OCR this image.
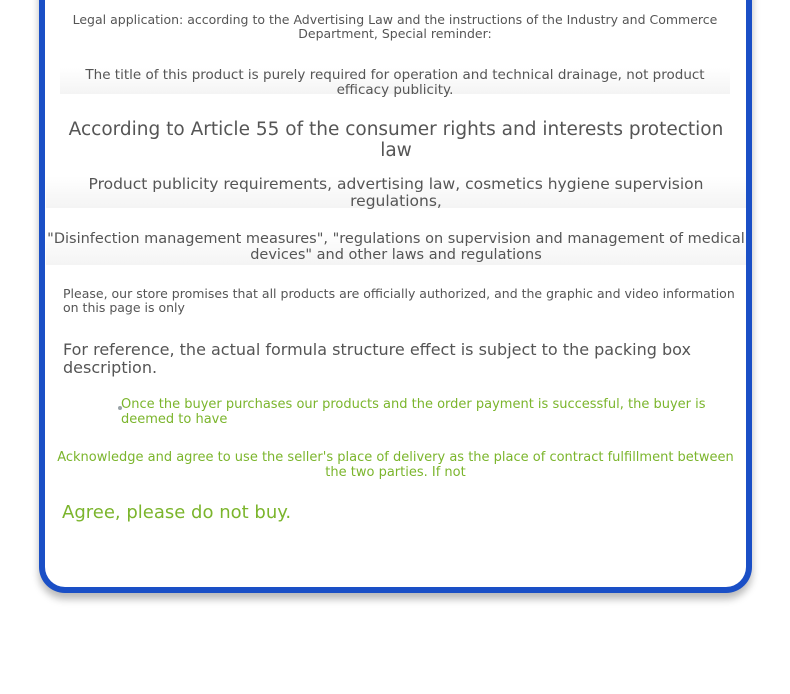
Legal application: according to the Advertising Law and the instructions of the Industry and Commerce Department, Special reminder:
The title of this product is purely required for operation and technical drainage, not product efficacy publicity.
According to Article 55 of the consumer rights and interests protection law
Product publicity requirements, advertising law, cosmetics hygiene supervision regulations,
"Disinfection management measures", "regulations on supervision and management of medical devices" and other laws and regulations
Please, our store promises that all products are officially authorized, and the graphic and video information on this page is only
For reference, the actual formula structure effect is subject to the packing box description.
Once the buyer purchases our products and the order payment is successful, the buyer is deemed to have
Acknowledge and agree to use the seller's place of delivery as the place of contract fulfillment between the two parties. If not
Agree, please do not buy.
